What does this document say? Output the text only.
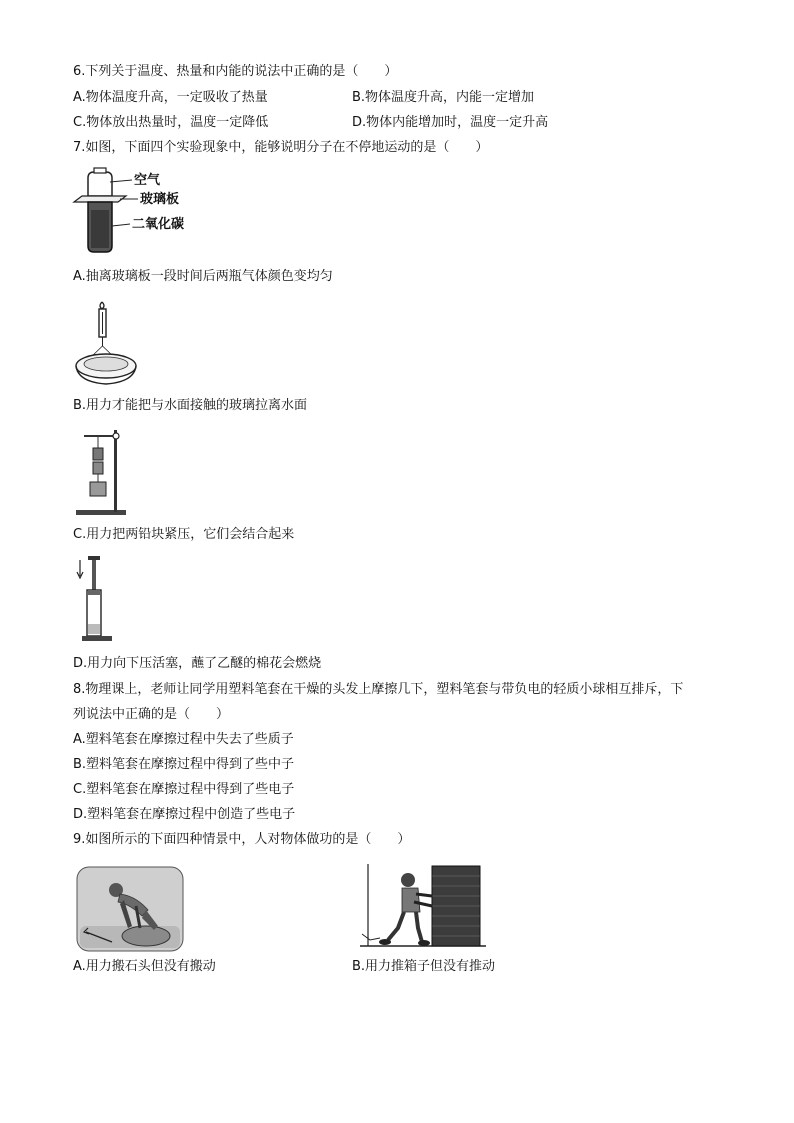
6.下列关于温度、热量和内能的说法中正确的是（　　）
A.物体温度升高，一定吸收了热量	B.物体温度升高，内能一定增加
C.物体放出热量时，温度一定降低	D.物体内能增加时，温度一定升高
7.如图，下面四个实验现象中，能够说明分子在不停地运动的是（　　）
空气
玻璃板
二氧化碳
A.抽离玻璃板一段时间后两瓶气体颜色变均匀
B.用力才能把与水面接触的玻璃拉离水面
C.用力把两铅块紧压，它们会结合起来
D.用力向下压活塞，蘸了乙醚的棉花会燃烧
8.物理课上，老师让同学用塑料笔套在干燥的头发上摩擦几下，塑料笔套与带负电的轻质小球相互排斥，下
列说法中正确的是（　　）
A.塑料笔套在摩擦过程中失去了些质子
B.塑料笔套在摩擦过程中得到了些中子
C.塑料笔套在摩擦过程中得到了些电子
D.塑料笔套在摩擦过程中创造了些电子
9.如图所示的下面四种情景中，人对物体做功的是（　　）
A.用力搬石头但没有搬动	B.用力推箱子但没有推动
